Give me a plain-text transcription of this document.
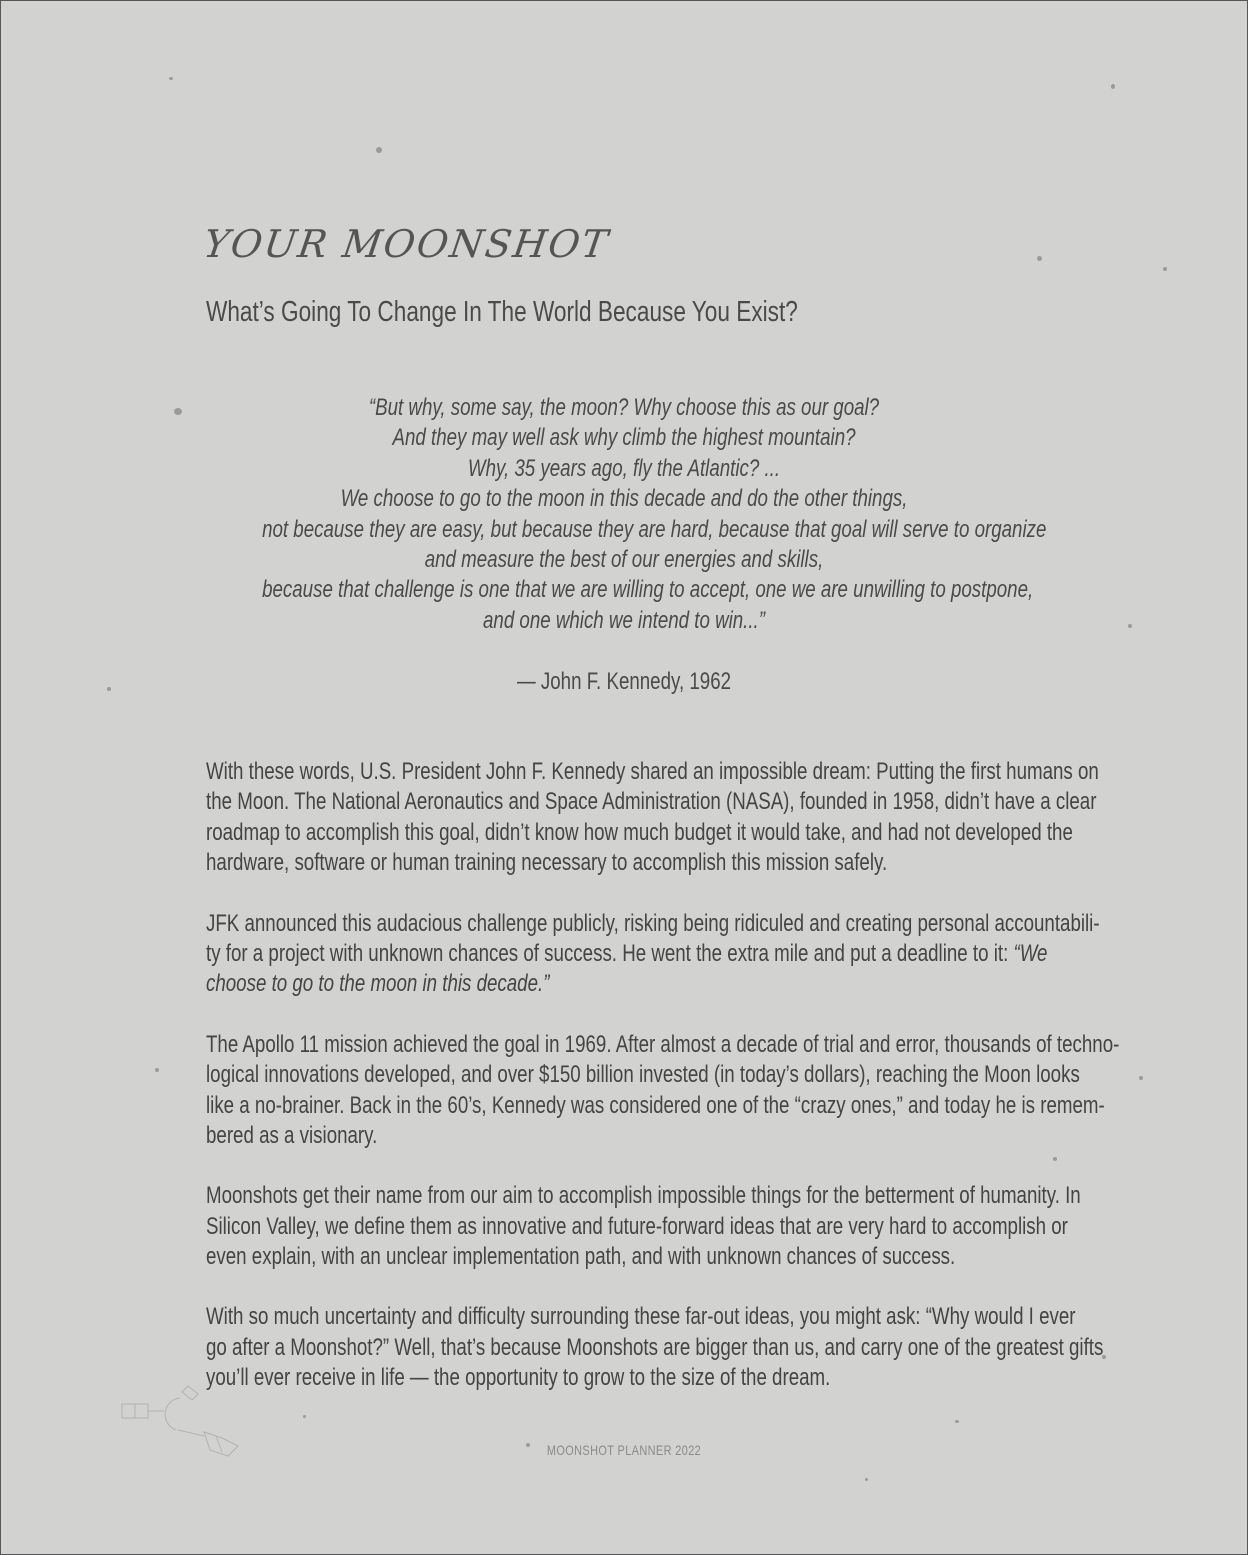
YOUR MOONSHOT
What’s Going To Change In The World Because You Exist?
“But why, some say, the moon? Why choose this as our goal?
And they may well ask why climb the highest mountain?
Why, 35 years ago, fly the Atlantic? ...
We choose to go to the moon in this decade and do the other things,
not because they are easy, but because they are hard, because that goal will serve to organize
and measure the best of our energies and skills,
because that challenge is one that we are willing to accept, one we are unwilling to postpone,
and one which we intend to win...”
— John F. Kennedy, 1962
With these words, U.S. President John F. Kennedy shared an impossible dream: Putting the first humans on
the Moon. The National Aeronautics and Space Administration (NASA), founded in 1958, didn’t have a clear
roadmap to accomplish this goal, didn’t know how much budget it would take, and had not developed the
hardware, software or human training necessary to accomplish this mission safely.
JFK announced this audacious challenge publicly, risking being ridiculed and creating personal accountabili-
ty for a project with unknown chances of success. He went the extra mile and put a deadline to it: “We
choose to go to the moon in this decade.”
The Apollo 11 mission achieved the goal in 1969. After almost a decade of trial and error, thousands of techno-
logical innovations developed, and over $150 billion invested (in today’s dollars), reaching the Moon looks
like a no-brainer. Back in the 60’s, Kennedy was considered one of the “crazy ones,” and today he is remem-
bered as a visionary.
Moonshots get their name from our aim to accomplish impossible things for the betterment of humanity. In
Silicon Valley, we define them as innovative and future-forward ideas that are very hard to accomplish or
even explain, with an unclear implementation path, and with unknown chances of success.
With so much uncertainty and difficulty surrounding these far-out ideas, you might ask: “Why would I ever
go after a Moonshot?” Well, that’s because Moonshots are bigger than us, and carry one of the greatest gifts
you’ll ever receive in life — the opportunity to grow to the size of the dream.
MOONSHOT PLANNER 2022
